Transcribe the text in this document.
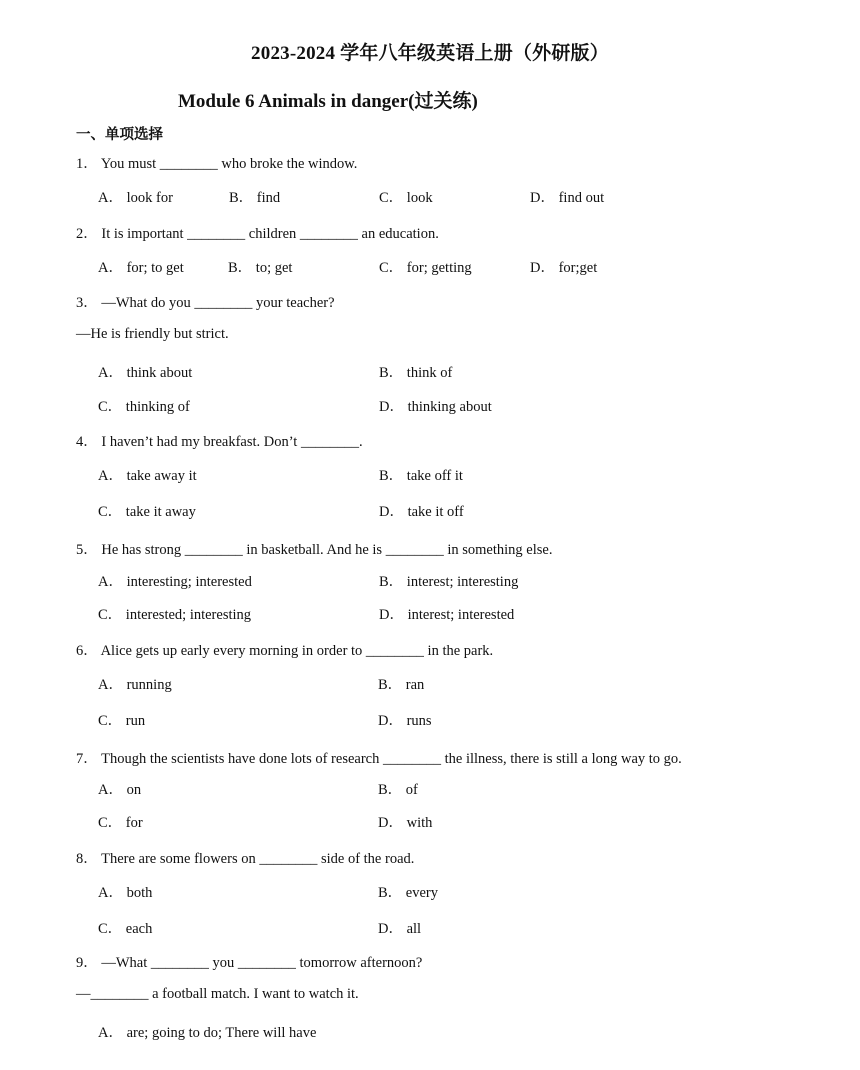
2023-2024 学年八年级英语上册（外研版）
Module 6 Animals in danger(过关练)
一、单项选择
1． You must ________ who broke the window.
A． look for	B． find	C． look	D． find out
2． It is important ________ children ________ an education.
A． for; to get	B． to; get	C． for; getting	D． for;get
3． —What do you ________ your teacher?
—He is friendly but strict.
A． think about	B． think of
C． thinking of	D． thinking about
4． I haven’t had my breakfast. Don’t ________.
A． take away it	B． take off it
C． take it away	D． take it off
5． He has strong ________ in basketball. And he is ________ in something else.
A． interesting; interested	B． interest; interesting
C． interested; interesting	D． interest; interested
6． Alice gets up early every morning in order to ________ in the park.
A． running	B． ran
C． run	D． runs
7． Though the scientists have done lots of research ________ the illness, there is still a long way to go.
A． on	B． of
C． for	D． with
8． There are some flowers on ________ side of the road.
A． both	B． every
C． each	D． all
9． —What ________ you ________ tomorrow afternoon?
—________ a football match. I want to watch it.
A． are; going to do; There will have
